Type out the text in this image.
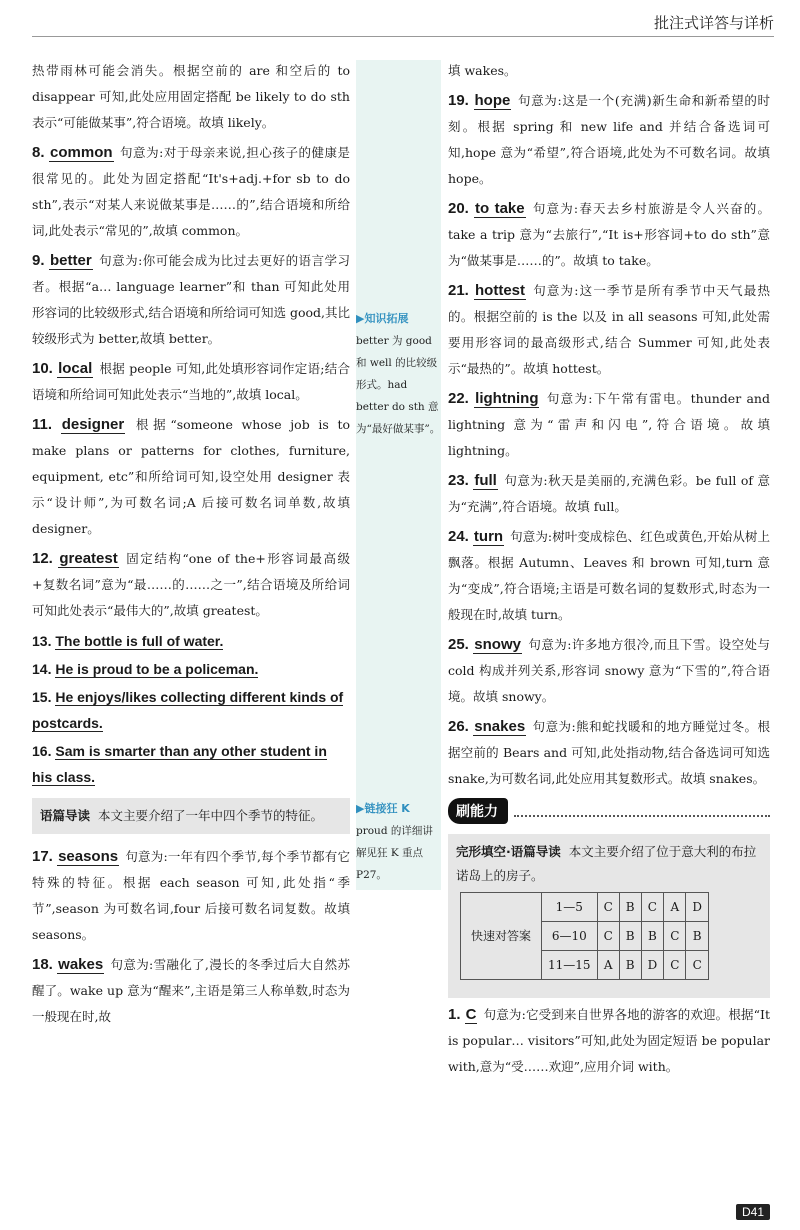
批注式详答与详析

热带雨林可能会消失。根据空前的 are 和空后的 to disappear 可知,此处应用固定搭配 be likely to do sth 表示“可能做某事”,符合语境。故填 likely。

8. common 句意为:对于母亲来说,担心孩子的健康是很常见的。此处为固定搭配“It's+adj.+for sb to do sth”,表示“对某人来说做某事是……的”,结合语境和所给词,此处表示“常见的”,故填 common。

9. better 句意为:你可能会成为比过去更好的语言学习者。根据“a… language learner”和 than 可知此处用形容词的比较级形式,结合语境和所给词可知选 good,其比较级形式为 better,故填 better。

10. local 根据 people 可知,此处填形容词作定语;结合语境和所给词可知此处表示“当地的”,故填 local。

11. designer 根据“someone whose job is to make plans or patterns for clothes, furniture, equipment, etc”和所给词可知,设空处用 designer 表示“设计师”,为可数名词;A 后接可数名词单数,故填 designer。

12. greatest 固定结构“one of the+形容词最高级+复数名词”意为“最……的……之一”,结合语境及所给词可知此处表示“最伟大的”,故填 greatest。

13. The bottle is full of water.

14. He is proud to be a policeman.

15. He enjoys/likes collecting different kinds of postcards.

16. Sam is smarter than any other student in his class.

语篇导读 本文主要介绍了一年中四个季节的特征。

17. seasons 句意为:一年有四个季节,每个季节都有它特殊的特征。根据 each season 可知,此处指“季节”,season 为可数名词,four 后接可数名词复数。故填 seasons。

18. wakes 句意为:雪融化了,漫长的冬季过后大自然苏醒了。wake up 意为“醒来”,主语是第三人称单数,时态为一般现在时,故

▶知识拓展
better 为 good 和 well 的比较级形式。had better do sth 意为“最好做某事”。
▶链接狂 K
proud 的详细讲解见狂 K 重点 P27。

填 wakes。

19. hope 句意为:这是一个(充满)新生命和新希望的时刻。根据 spring 和 new life and 并结合备选词可知,hope 意为“希望”,符合语境,此处为不可数名词。故填 hope。

20. to take 句意为:春天去乡村旅游是令人兴奋的。take a trip 意为“去旅行”,“It is+形容词+to do sth”意为“做某事是……的”。故填 to take。

21. hottest 句意为:这一季节是所有季节中天气最热的。根据空前的 is the 以及 in all seasons 可知,此处需要用形容词的最高级形式,结合 Summer 可知,此处表示“最热的”。故填 hottest。

22. lightning 句意为:下午常有雷电。thunder and lightning 意为“雷声和闪电”,符合语境。故填 lightning。

23. full 句意为:秋天是美丽的,充满色彩。be full of 意为“充满”,符合语境。故填 full。

24. turn 句意为:树叶变成棕色、红色或黄色,开始从树上飘落。根据 Autumn、Leaves 和 brown 可知,turn 意为“变成”,符合语境;主语是可数名词的复数形式,时态为一般现在时,故填 turn。

25. snowy 句意为:许多地方很冷,而且下雪。设空处与 cold 构成并列关系,形容词 snowy 意为“下雪的”,符合语境。故填 snowy。

26. snakes 句意为:熊和蛇找暖和的地方睡觉过冬。根据空前的 Bears and 可知,此处指动物,结合备选词可知选 snake,为可数名词,此处应用其复数形式。故填 snakes。

刷能力
完形填空·语篇导读 本文主要介绍了位于意大利的布拉诺岛上的房子。
快速对答案	1—5	C	B	C	A	D
	6—10	C	B	B	C	B
	11—15	A	B	D	C	C

1. C 句意为:它受到来自世界各地的游客的欢迎。根据“It is popular… visitors”可知,此处为固定短语 be popular with,意为“受……欢迎”,应用介词 with。

D41
